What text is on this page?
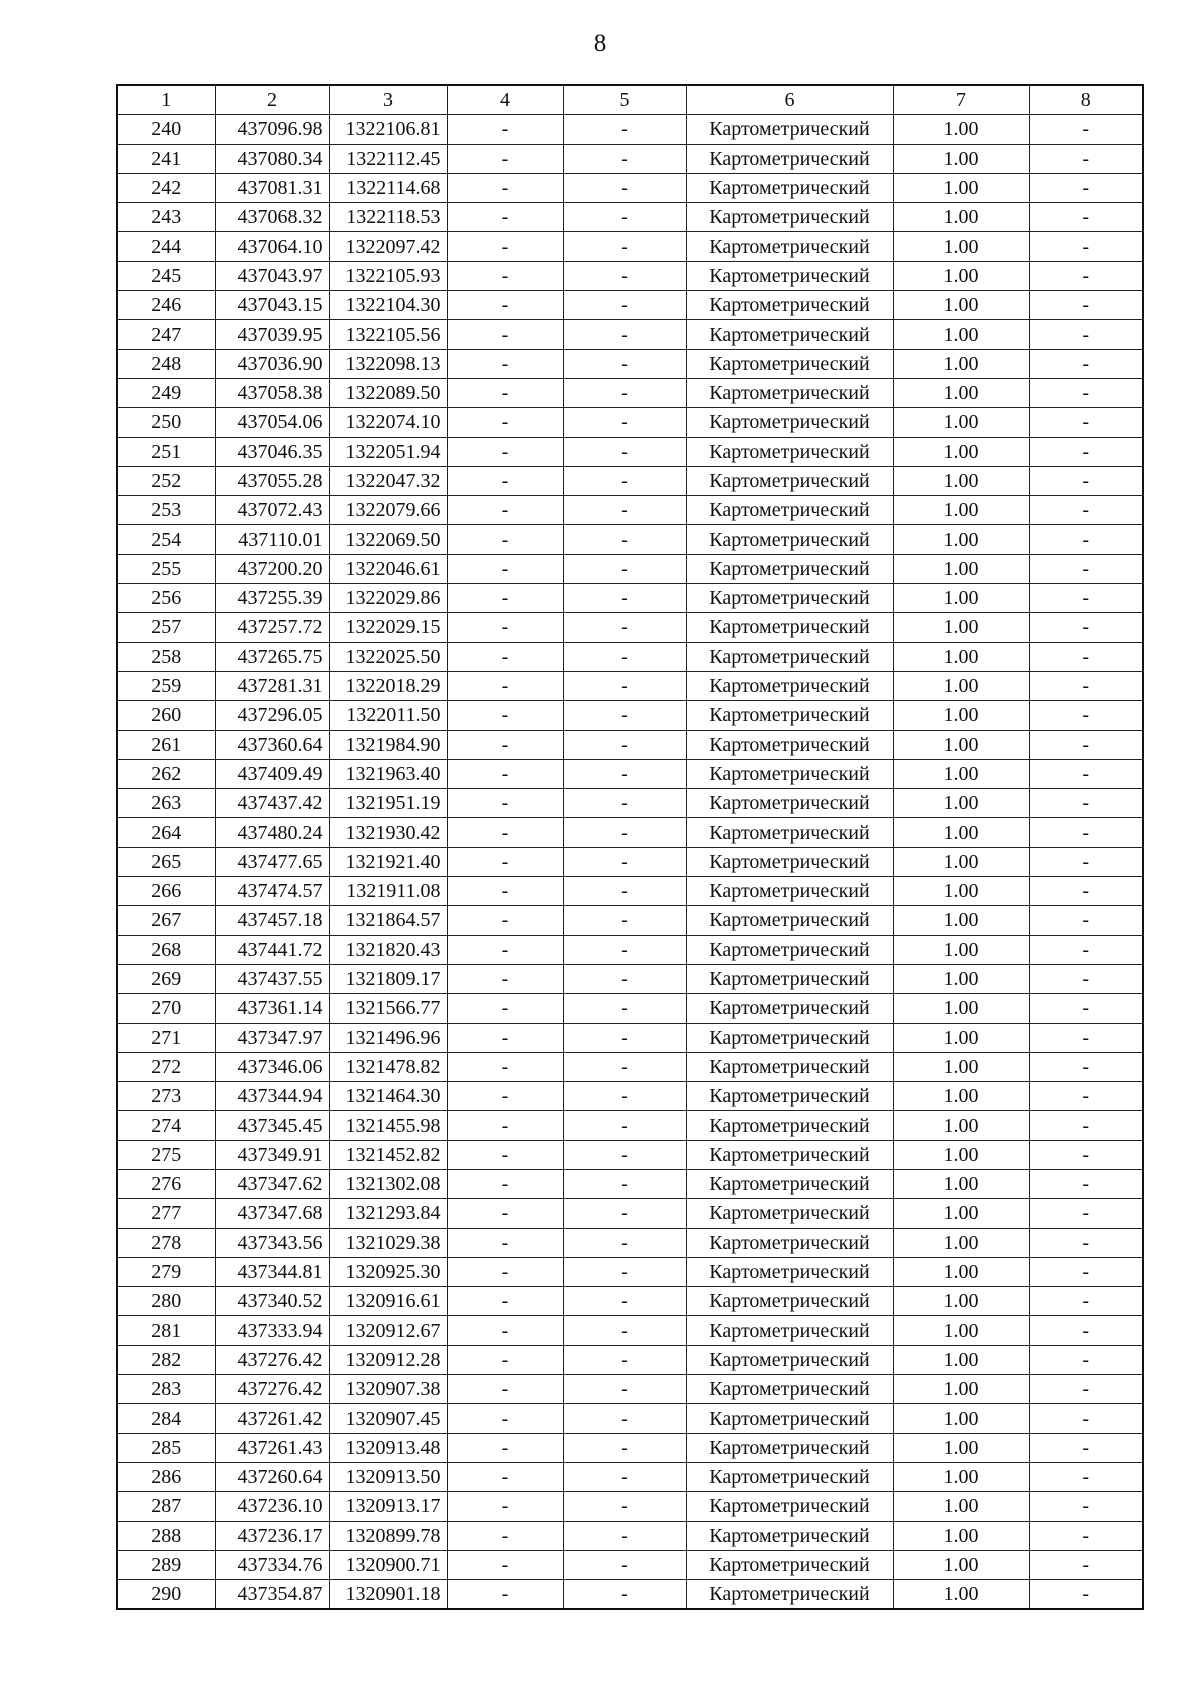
8
1	2	3	4	5	6	7	8
240	437096.98	1322106.81	-	-	Картометрический	1.00	-
241	437080.34	1322112.45	-	-	Картометрический	1.00	-
242	437081.31	1322114.68	-	-	Картометрический	1.00	-
243	437068.32	1322118.53	-	-	Картометрический	1.00	-
244	437064.10	1322097.42	-	-	Картометрический	1.00	-
245	437043.97	1322105.93	-	-	Картометрический	1.00	-
246	437043.15	1322104.30	-	-	Картометрический	1.00	-
247	437039.95	1322105.56	-	-	Картометрический	1.00	-
248	437036.90	1322098.13	-	-	Картометрический	1.00	-
249	437058.38	1322089.50	-	-	Картометрический	1.00	-
250	437054.06	1322074.10	-	-	Картометрический	1.00	-
251	437046.35	1322051.94	-	-	Картометрический	1.00	-
252	437055.28	1322047.32	-	-	Картометрический	1.00	-
253	437072.43	1322079.66	-	-	Картометрический	1.00	-
254	437110.01	1322069.50	-	-	Картометрический	1.00	-
255	437200.20	1322046.61	-	-	Картометрический	1.00	-
256	437255.39	1322029.86	-	-	Картометрический	1.00	-
257	437257.72	1322029.15	-	-	Картометрический	1.00	-
258	437265.75	1322025.50	-	-	Картометрический	1.00	-
259	437281.31	1322018.29	-	-	Картометрический	1.00	-
260	437296.05	1322011.50	-	-	Картометрический	1.00	-
261	437360.64	1321984.90	-	-	Картометрический	1.00	-
262	437409.49	1321963.40	-	-	Картометрический	1.00	-
263	437437.42	1321951.19	-	-	Картометрический	1.00	-
264	437480.24	1321930.42	-	-	Картометрический	1.00	-
265	437477.65	1321921.40	-	-	Картометрический	1.00	-
266	437474.57	1321911.08	-	-	Картометрический	1.00	-
267	437457.18	1321864.57	-	-	Картометрический	1.00	-
268	437441.72	1321820.43	-	-	Картометрический	1.00	-
269	437437.55	1321809.17	-	-	Картометрический	1.00	-
270	437361.14	1321566.77	-	-	Картометрический	1.00	-
271	437347.97	1321496.96	-	-	Картометрический	1.00	-
272	437346.06	1321478.82	-	-	Картометрический	1.00	-
273	437344.94	1321464.30	-	-	Картометрический	1.00	-
274	437345.45	1321455.98	-	-	Картометрический	1.00	-
275	437349.91	1321452.82	-	-	Картометрический	1.00	-
276	437347.62	1321302.08	-	-	Картометрический	1.00	-
277	437347.68	1321293.84	-	-	Картометрический	1.00	-
278	437343.56	1321029.38	-	-	Картометрический	1.00	-
279	437344.81	1320925.30	-	-	Картометрический	1.00	-
280	437340.52	1320916.61	-	-	Картометрический	1.00	-
281	437333.94	1320912.67	-	-	Картометрический	1.00	-
282	437276.42	1320912.28	-	-	Картометрический	1.00	-
283	437276.42	1320907.38	-	-	Картометрический	1.00	-
284	437261.42	1320907.45	-	-	Картометрический	1.00	-
285	437261.43	1320913.48	-	-	Картометрический	1.00	-
286	437260.64	1320913.50	-	-	Картометрический	1.00	-
287	437236.10	1320913.17	-	-	Картометрический	1.00	-
288	437236.17	1320899.78	-	-	Картометрический	1.00	-
289	437334.76	1320900.71	-	-	Картометрический	1.00	-
290	437354.87	1320901.18	-	-	Картометрический	1.00	-
